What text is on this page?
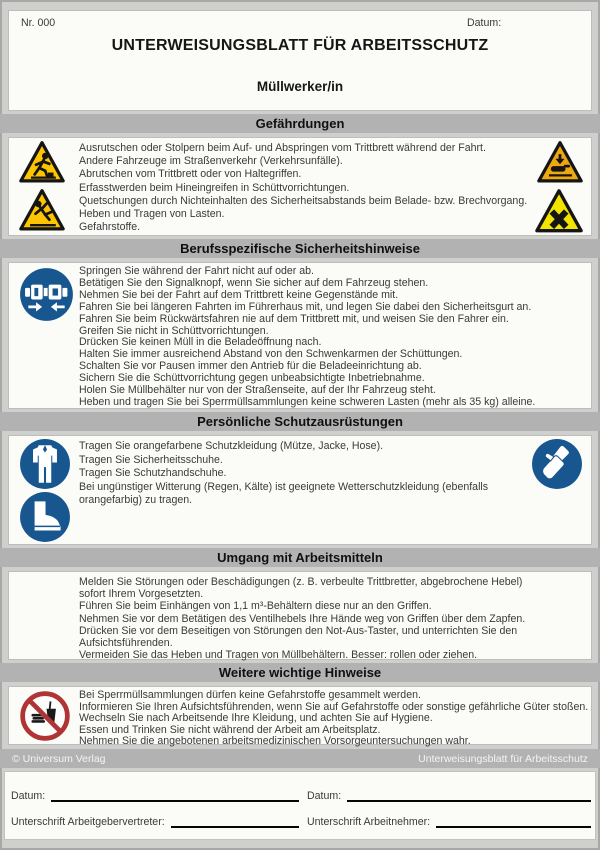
Nr. 000	Datum:
UNTERWEISUNGSBLATT FÜR ARBEITSSCHUTZ
Müllwerker/in
Gefährdungen
Ausrutschen oder Stolpern beim Auf- und Abspringen vom Trittbrett während der Fahrt.
Andere Fahrzeuge im Straßenverkehr (Verkehrsunfälle).
Abrutschen vom Trittbrett oder von Haltegriffen.
Erfasstwerden beim Hineingreifen in Schüttvorrichtungen.
Quetschungen durch Nichteinhalten des Sicherheitsabstands beim Belade- bzw. Brechvorgang.
Heben und Tragen von Lasten.
Gefahrstoffe.
Berufsspezifische Sicherheitshinweise
Springen Sie während der Fahrt nicht auf oder ab.
Betätigen Sie den Signalknopf, wenn Sie sicher auf dem Fahrzeug stehen.
Nehmen Sie bei der Fahrt auf dem Trittbrett keine Gegenstände mit.
Fahren Sie bei längeren Fahrten im Führerhaus mit, und legen Sie dabei den Sicherheitsgurt an.
Fahren Sie beim Rückwärtsfahren nie auf dem Trittbrett mit, und weisen Sie den Fahrer ein.
Greifen Sie nicht in Schüttvorrichtungen.
Drücken Sie keinen Müll in die Beladeöffnung nach.
Halten Sie immer ausreichend Abstand von den Schwenkarmen der Schüttungen.
Schalten Sie vor Pausen immer den Antrieb für die Beladeeinrichtung ab.
Sichern Sie die Schüttvorrichtung gegen unbeabsichtigte Inbetriebnahme.
Holen Sie Müllbehälter nur von der Straßenseite, auf der Ihr Fahrzeug steht.
Heben und tragen Sie bei Sperrmüllsammlungen keine schweren Lasten (mehr als 35 kg) alleine.
Persönliche Schutzausrüstungen
Tragen Sie orangefarbene Schutzkleidung (Mütze, Jacke, Hose).
Tragen Sie Sicherheitsschuhe.
Tragen Sie Schutzhandschuhe.
Bei ungünstiger Witterung (Regen, Kälte) ist geeignete Wetterschutzkleidung (ebenfalls
orangefarbig) zu tragen.
Umgang mit Arbeitsmitteln
Melden Sie Störungen oder Beschädigungen (z. B. verbeulte Trittbretter, abgebrochene Hebel)
sofort Ihrem Vorgesetzten.
Führen Sie beim Einhängen von 1,1 m³-Behältern diese nur an den Griffen.
Nehmen Sie vor dem Betätigen des Ventilhebels Ihre Hände weg von Griffen über dem Zapfen.
Drücken Sie vor dem Beseitigen von Störungen den Not-Aus-Taster, und unterrichten Sie den
Aufsichtsführenden.
Vermeiden Sie das Heben und Tragen von Müllbehältern. Besser: rollen oder ziehen.
Weitere wichtige Hinweise
Bei Sperrmüllsammlungen dürfen keine Gefahrstoffe gesammelt werden.
Informieren Sie Ihren Aufsichtsführenden, wenn Sie auf Gefahrstoffe oder sonstige gefährliche Güter stoßen.
Wechseln Sie nach Arbeitsende Ihre Kleidung, und achten Sie auf Hygiene.
Essen und Trinken Sie nicht während der Arbeit am Arbeitsplatz.
Nehmen Sie die angebotenen arbeitsmedizinischen Vorsorgeuntersuchungen wahr.
© Universum Verlag	Unterweisungsblatt für Arbeitsschutz
Datum:
Unterschrift Arbeitgebervertreter:
Datum:
Unterschrift Arbeitnehmer:
